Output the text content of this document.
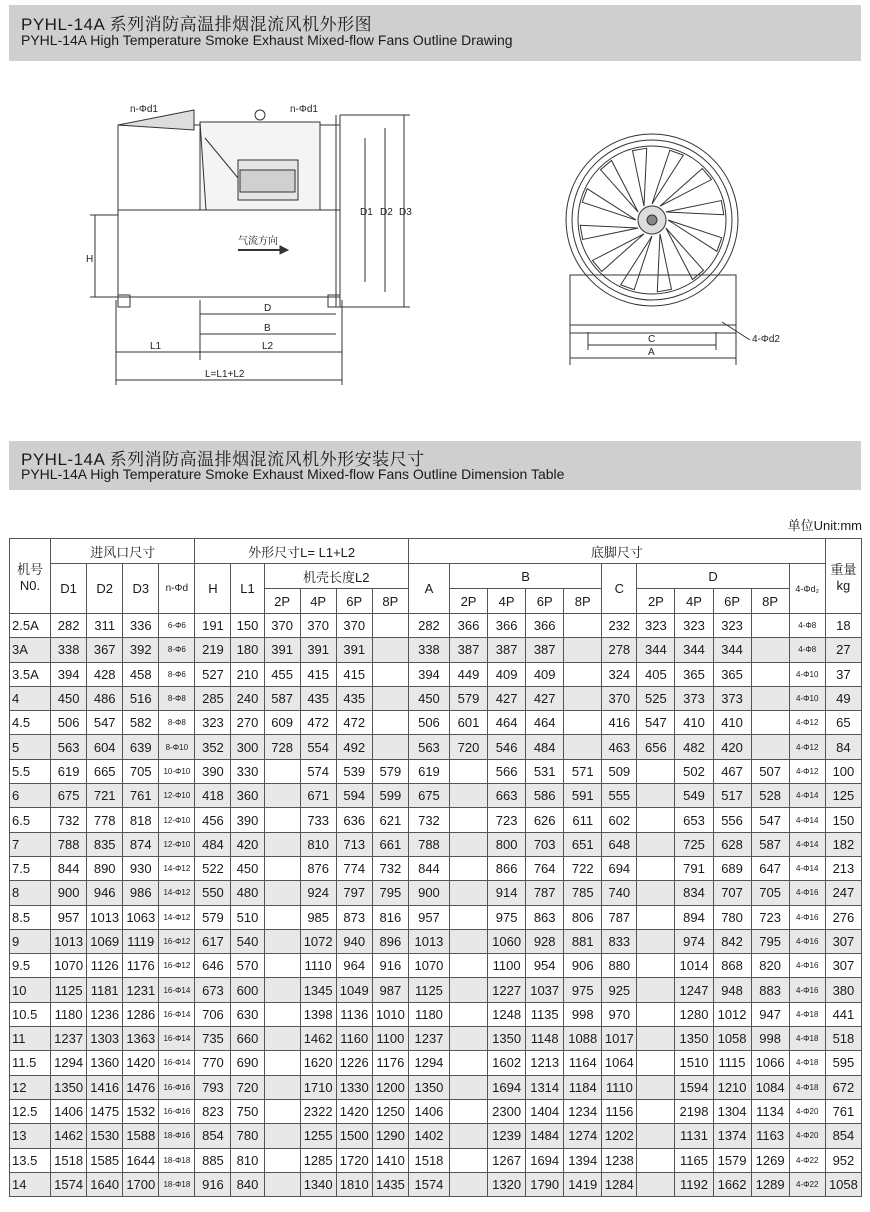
PYHL-14A 系列消防高温排烟混流风机外形图
PYHL-14A High Temperature Smoke Exhaust Mixed-flow Fans Outline Drawing
n-Φd1	n-Φd1
气流方向
H
D1 D2 D3
D
B
L1	L2
L=L1+L2
C
A
4-Φd2
PYHL-14A 系列消防高温排烟混流风机外形安装尺寸
PYHL-14A High Temperature Smoke Exhaust Mixed-flow Fans Outline Dimension Table
单位Unit:mm
机号
N0.	进风口尺寸				外形尺寸L= L1+L2						底脚尺寸											重量
kg
	D1	D2	D3	n-Φd	H	L1	机壳长度L2				A	B				C	D				4-Φd₂	
							2P	4P	6P	8P		2P	4P	6P	8P		2P	4P	6P	8P		
2.5A	282	311	336	6-Φ6	191	150	370	370	370		282	366	366	366		232	323	323	323		4-Φ8	18
3A	338	367	392	8-Φ6	219	180	391	391	391		338	387	387	387		278	344	344	344		4-Φ8	27
3.5A	394	428	458	8-Φ6	527	210	455	415	415		394	449	409	409		324	405	365	365		4-Φ10	37
4	450	486	516	8-Φ8	285	240	587	435	435		450	579	427	427		370	525	373	373		4-Φ10	49
4.5	506	547	582	8-Φ8	323	270	609	472	472		506	601	464	464		416	547	410	410		4-Φ12	65
5	563	604	639	8-Φ10	352	300	728	554	492		563	720	546	484		463	656	482	420		4-Φ12	84
5.5	619	665	705	10-Φ10	390	330		574	539	579	619		566	531	571	509		502	467	507	4-Φ12	100
6	675	721	761	12-Φ10	418	360		671	594	599	675		663	586	591	555		549	517	528	4-Φ14	125
6.5	732	778	818	12-Φ10	456	390		733	636	621	732		723	626	611	602		653	556	547	4-Φ14	150
7	788	835	874	12-Φ10	484	420		810	713	661	788		800	703	651	648		725	628	587	4-Φ14	182
7.5	844	890	930	14-Φ12	522	450		876	774	732	844		866	764	722	694		791	689	647	4-Φ14	213
8	900	946	986	14-Φ12	550	480		924	797	795	900		914	787	785	740		834	707	705	4-Φ16	247
8.5	957	1013	1063	14-Φ12	579	510		985	873	816	957		975	863	806	787		894	780	723	4-Φ16	276
9	1013	1069	1119	16-Φ12	617	540		1072	940	896	1013		1060	928	881	833		974	842	795	4-Φ16	307
9.5	1070	1126	1176	16-Φ12	646	570		1110	964	916	1070		1100	954	906	880		1014	868	820	4-Φ16	307
10	1125	1181	1231	16-Φ14	673	600		1345	1049	987	1125		1227	1037	975	925		1247	948	883	4-Φ16	380
10.5	1180	1236	1286	16-Φ14	706	630		1398	1136	1010	1180		1248	1135	998	970		1280	1012	947	4-Φ18	441
11	1237	1303	1363	16-Φ14	735	660		1462	1160	1100	1237		1350	1148	1088	1017		1350	1058	998	4-Φ18	518
11.5	1294	1360	1420	16-Φ14	770	690		1620	1226	1176	1294		1602	1213	1164	1064		1510	1115	1066	4-Φ18	595
12	1350	1416	1476	16-Φ16	793	720		1710	1330	1200	1350		1694	1314	1184	1110		1594	1210	1084	4-Φ18	672
12.5	1406	1475	1532	16-Φ16	823	750		2322	1420	1250	1406		2300	1404	1234	1156		2198	1304	1134	4-Φ20	761
13	1462	1530	1588	18-Φ16	854	780		1255	1500	1290	1402		1239	1484	1274	1202		1131	1374	1163	4-Φ20	854
13.5	1518	1585	1644	18-Φ18	885	810		1285	1720	1410	1518		1267	1694	1394	1238		1165	1579	1269	4-Φ22	952
14	1574	1640	1700	18-Φ18	916	840		1340	1810	1435	1574		1320	1790	1419	1284		1192	1662	1289	4-Φ22	1058
